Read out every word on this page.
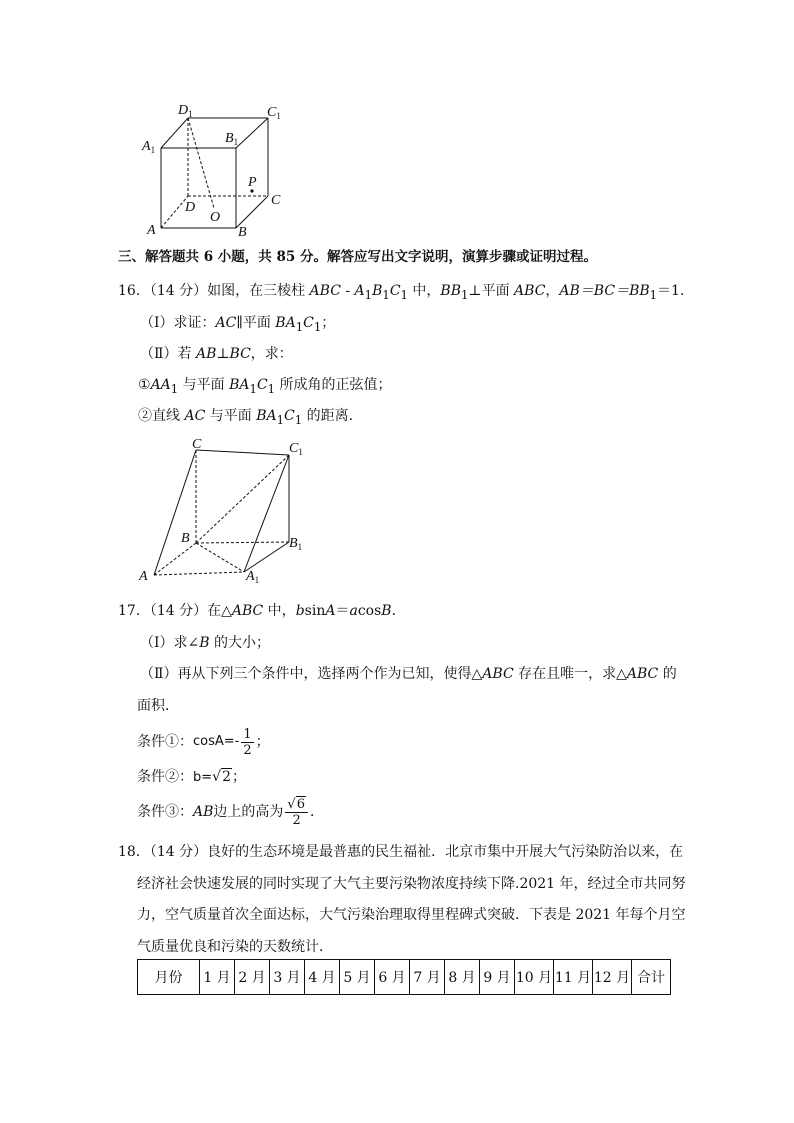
$D_1$	$C_1$
$A_1$
$B_1$
P
C
D
O
A	B
三、解答题共 6 小题，共 85 分。解答应写出文字说明，演算步骤或证明过程。
16．（14 分）如图，在三棱柱 ABC - $A_1B_1C_1$ 中，$BB_1\perp$平面 ABC，$AB=BC=BB_1=1$．
（Ⅰ）求证：AC∥平面 $BA_1C_1$；
（Ⅱ）若 AB⊥BC，求：
$①AA_1$ 与平面 $BA_1C_1$ 所成角的正弦值；
②直线 AC 与平面 $BA_1C_1$ 的距离．
C	$C_1$
B	$B_1$
A	$A_1$
17．（14 分）在△ABC 中，bsinA＝acosB．
（Ⅰ）求∠B 的大小；
（Ⅱ）再从下列三个条件中，选择两个作为已知，使得△ABC 存在且唯一，求△ABC 的
面积．
条件①： $\cos A=- \frac{1}{2}$ ；
条件②：b=√2；
条件③： AB 边上的高为 $\frac{√6}{2}$ ．
18．（14 分）良好的生态环境是最普惠的民生福祉．北京市集中开展大气污染防治以来，在
经济社会快速发展的同时实现了大气主要污染物浓度持续下降.2021 年，经过全市共同努
力，空气质量首次全面达标，大气污染治理取得里程碑式突破．下表是 2021 年每个月空
气质量优良和污染的天数统计．
月份	1 月	2 月	3 月	4 月	5 月	6 月	7 月	8 月	9 月	10 月	11 月	12 月	合计
